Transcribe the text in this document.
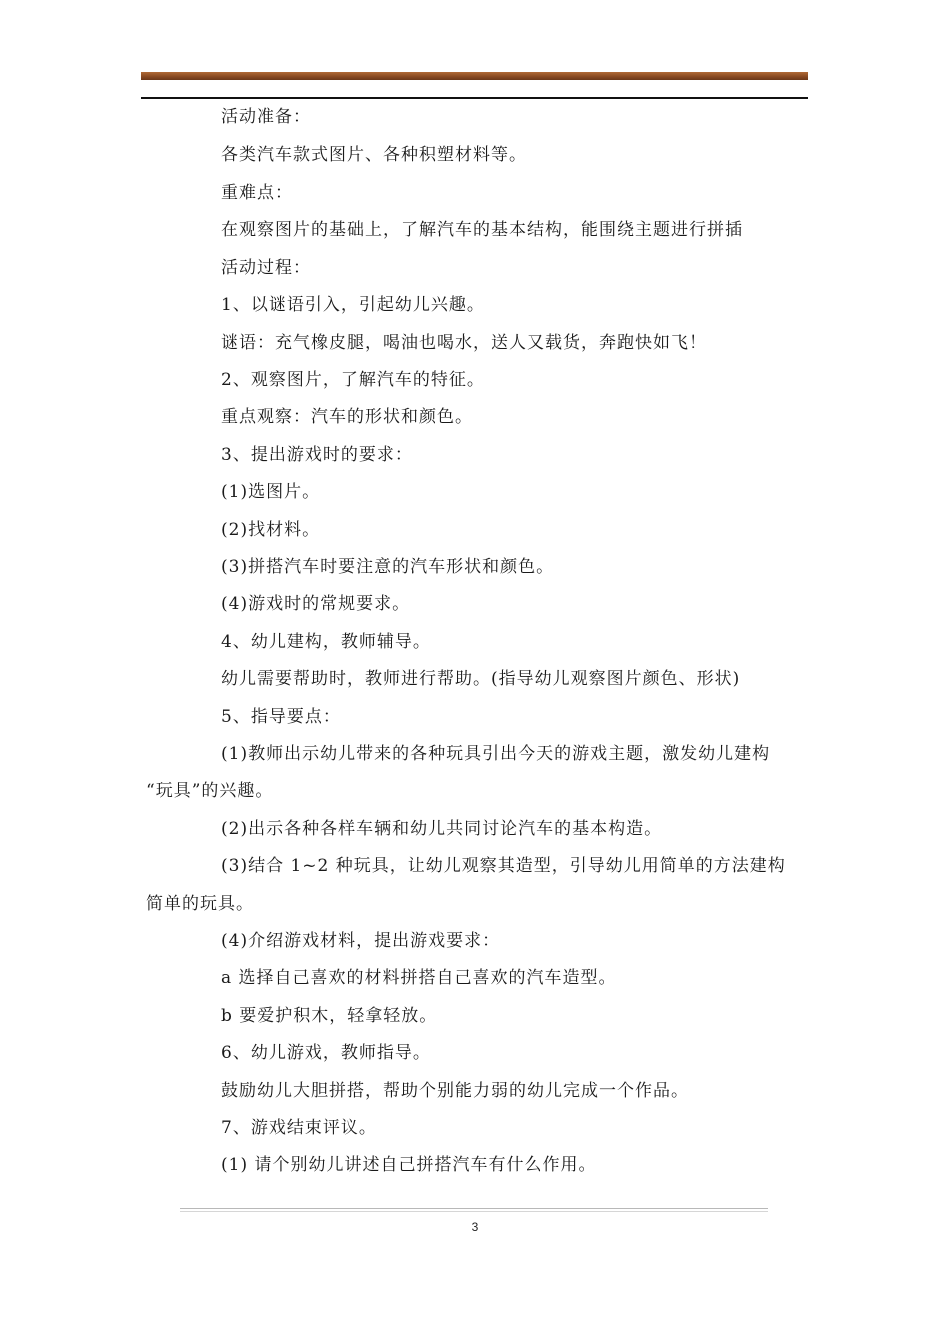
活动准备：
各类汽车款式图片、各种积塑材料等。
重难点：
在观察图片的基础上，了解汽车的基本结构，能围绕主题进行拼插
活动过程：
1、以谜语引入，引起幼儿兴趣。
谜语：充气橡皮腿，喝油也喝水，送人又载货，奔跑快如飞！
2、观察图片，了解汽车的特征。
重点观察：汽车的形状和颜色。
3、提出游戏时的要求：
(1)选图片。
(2)找材料。
(3)拼搭汽车时要注意的汽车形状和颜色。
(4)游戏时的常规要求。
4、幼儿建构，教师辅导。
幼儿需要帮助时，教师进行帮助。(指导幼儿观察图片颜色、形状)
5、指导要点：
(1)教师出示幼儿带来的各种玩具引出今天的游戏主题，激发幼儿建构
“玩具”的兴趣。
(2)出示各种各样车辆和幼儿共同讨论汽车的基本构造。
(3)结合 1~2 种玩具，让幼儿观察其造型，引导幼儿用简单的方法建构
简单的玩具。
(4)介绍游戏材料，提出游戏要求：
a 选择自己喜欢的材料拼搭自己喜欢的汽车造型。
b 要爱护积木，轻拿轻放。
6、幼儿游戏，教师指导。
鼓励幼儿大胆拼搭，帮助个别能力弱的幼儿完成一个作品。
7、游戏结束评议。
(1) 请个别幼儿讲述自己拼搭汽车有什么作用。
3
